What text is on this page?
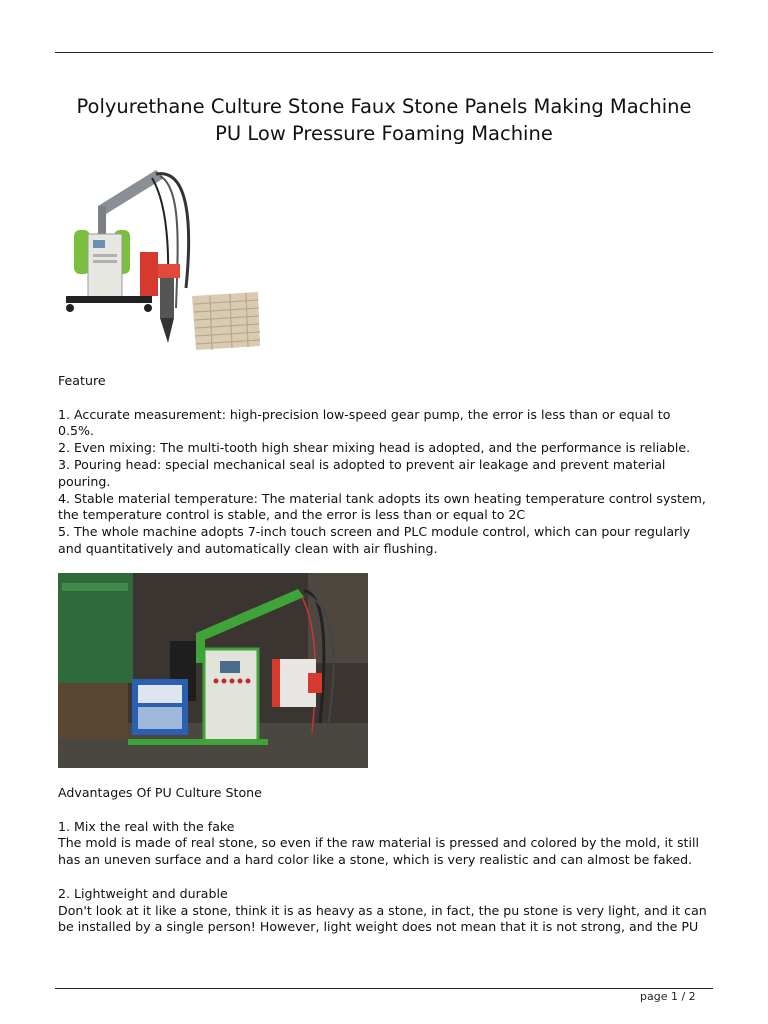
Polyurethane Culture Stone Faux Stone Panels Making Machine
PU Low Pressure Foaming Machine
Feature
1. Accurate measurement: high-precision low-speed gear pump, the error is less than or equal to
0.5%.
2. Even mixing: The multi-tooth high shear mixing head is adopted, and the performance is reliable.
3. Pouring head: special mechanical seal is adopted to prevent air leakage and prevent material
pouring.
4. Stable material temperature: The material tank adopts its own heating temperature control system,
the temperature control is stable, and the error is less than or equal to 2C
5. The whole machine adopts 7-inch touch screen and PLC module control, which can pour regularly
and quantitatively and automatically clean with air flushing.
Advantages Of PU Culture Stone
1. Mix the real with the fake
The mold is made of real stone, so even if the raw material is pressed and colored by the mold, it still
has an uneven surface and a hard color like a stone, which is very realistic and can almost be faked.
2. Lightweight and durable
Don't look at it like a stone, think it is as heavy as a stone, in fact, the pu stone is very light, and it can
be installed by a single person! However, light weight does not mean that it is not strong, and the PU
page 1 / 2
